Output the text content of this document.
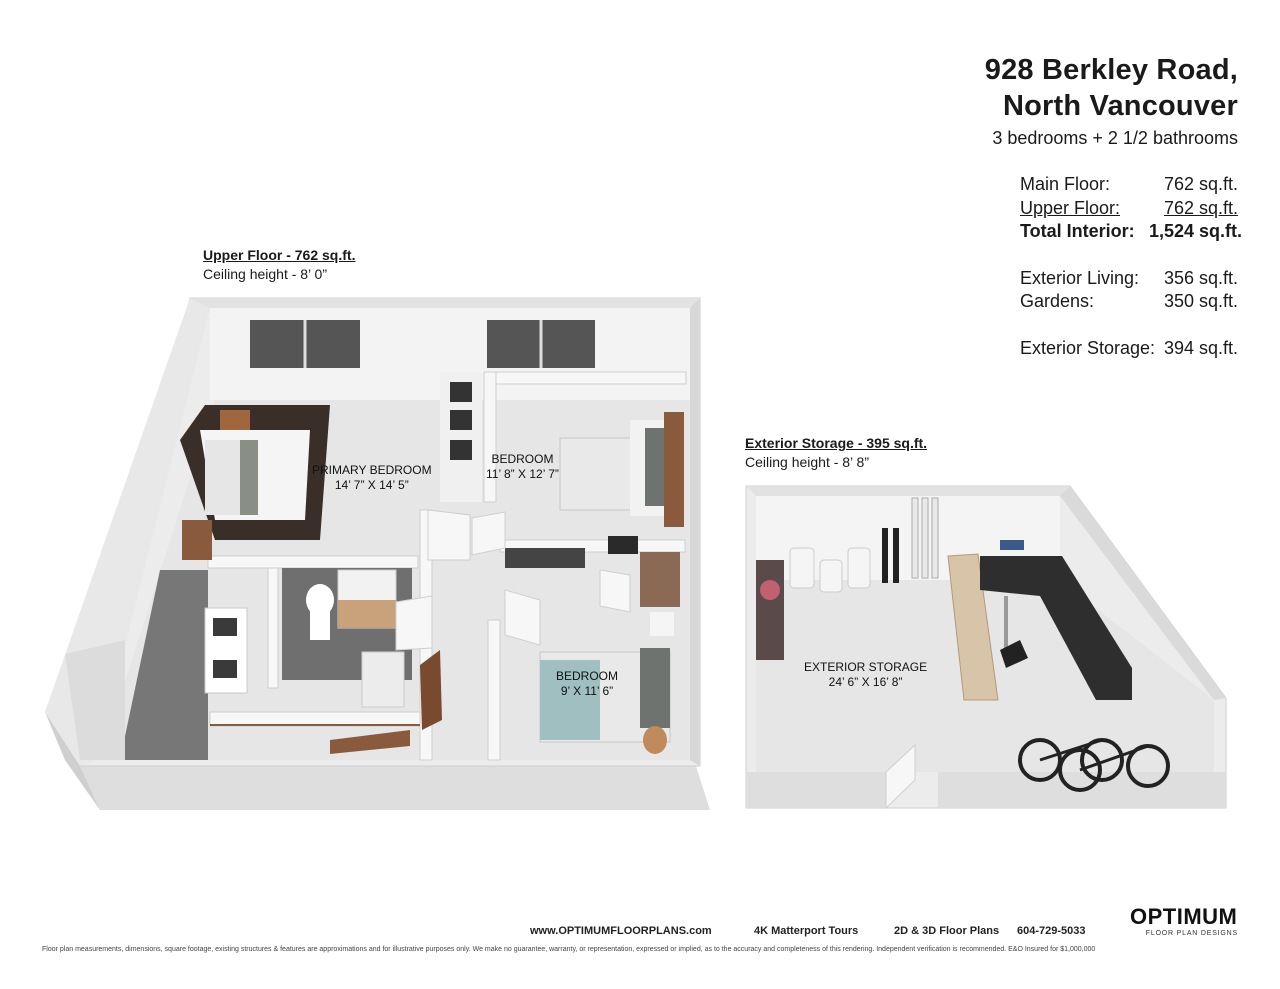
928 Berkley Road,
North Vancouver
3 bedrooms + 2 1/2 bathrooms
Main Floor:	762 sq.ft.
Upper Floor: 762 sq.ft.
Total Interior: 1,524 sq.ft.
Exterior Living: 356 sq.ft.
Gardens:	350 sq.ft.
Exterior Storage: 394 sq.ft.
Upper Floor - 762 sq.ft.
Ceiling height - 8’ 0”
Exterior Storage - 395 sq.ft.
Ceiling height - 8’ 8”
PRIMARY BEDROOM
14’ 7” X 14’ 5”
BEDROOM
11’ 8” X 12’ 7”
BEDROOM
9’ X 11’ 6”
EXTERIOR STORAGE
24’ 6” X 16’ 8”
www.OPTIMUMFLOORPLANS.com	4K Matterport Tours	2D & 3D Floor Plans 604-729-5033
OPTIMUM
FLOOR PLAN DESIGNS
Floor plan measurements, dimensions, square footage, existing structures & features are approximations and for illustrative purposes only. We make no guarantee, warranty, or representation, expressed or implied, as to the accuracy and completeness of this rendering. Independent verification is recommended. E&O Insured for $1,000,000
